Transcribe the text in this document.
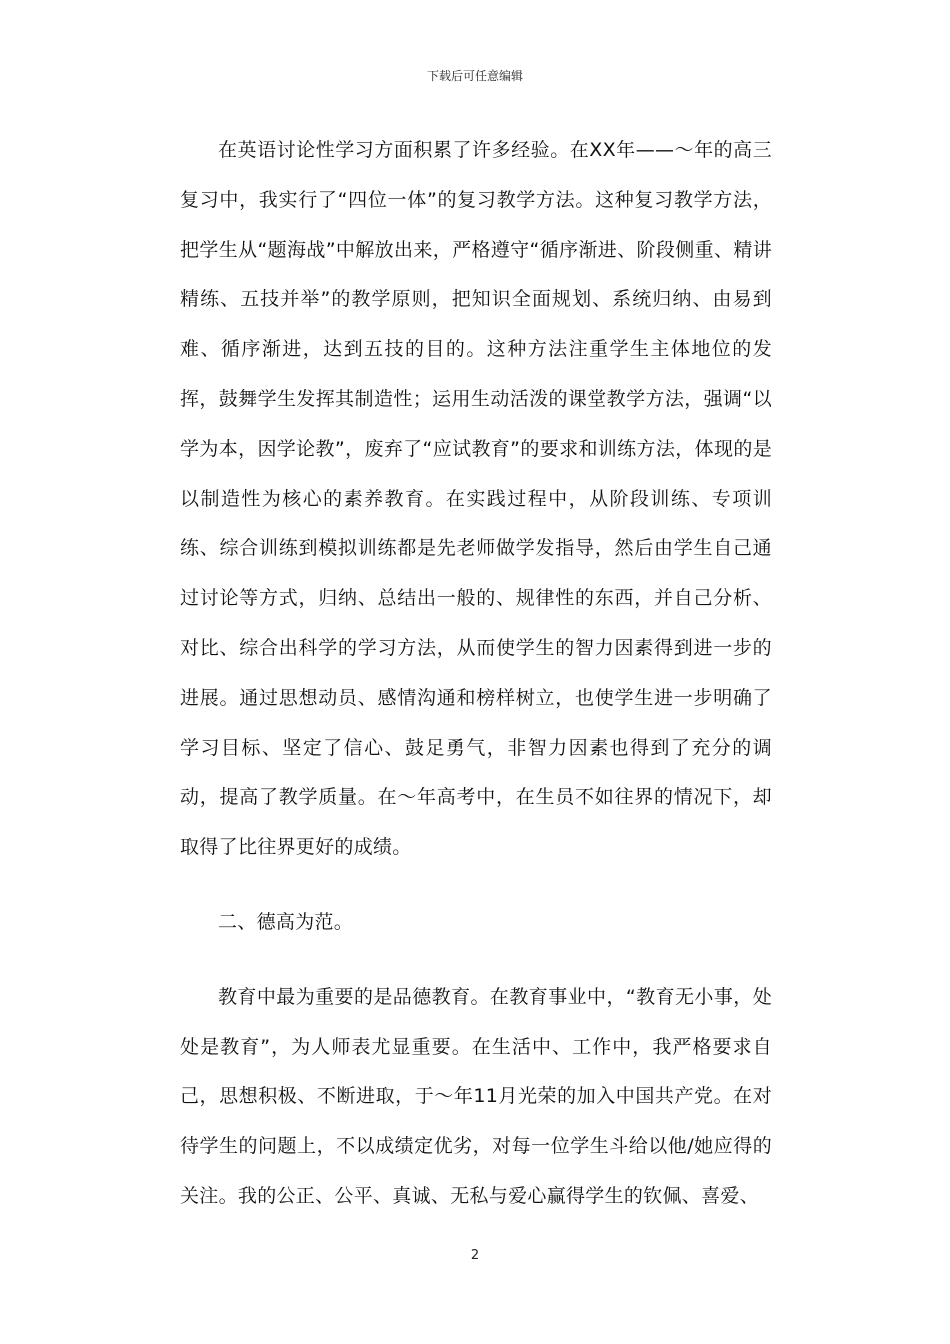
下载后可任意编辑

在英语讨论性学习方面积累了许多经验。在XX年——～年的高三复习中，我实行了“四位一体”的复习教学方法。这种复习教学方法，把学生从“题海战”中解放出来，严格遵守“循序渐进、阶段侧重、精讲精练、五技并举”的教学原则，把知识全面规划、系统归纳、由易到难、循序渐进，达到五技的目的。这种方法注重学生主体地位的发挥，鼓舞学生发挥其制造性；运用生动活泼的课堂教学方法，强调“以学为本，因学论教”，废弃了“应试教育”的要求和训练方法，体现的是以制造性为核心的素养教育。在实践过程中，从阶段训练、专项训练、综合训练到模拟训练都是先老师做学发指导，然后由学生自己通过讨论等方式，归纳、总结出一般的、规律性的东西，并自己分析、对比、综合出科学的学习方法，从而使学生的智力因素得到进一步的进展。通过思想动员、感情沟通和榜样树立，也使学生进一步明确了学习目标、坚定了信心、鼓足勇气，非智力因素也得到了充分的调动，提高了教学质量。在～年高考中，在生员不如往界的情况下，却取得了比往界更好的成绩。

二、德高为范。

教育中最为重要的是品德教育。在教育事业中，“教育无小事，处处是教育”，为人师表尤显重要。在生活中、工作中，我严格要求自己，思想积极、不断进取，于～年11月光荣的加入中国共产党。在对待学生的问题上，不以成绩定优劣，对每一位学生斗给以他/她应得的关注。我的公正、公平、真诚、无私与爱心赢得学生的钦佩、喜爱、

2
